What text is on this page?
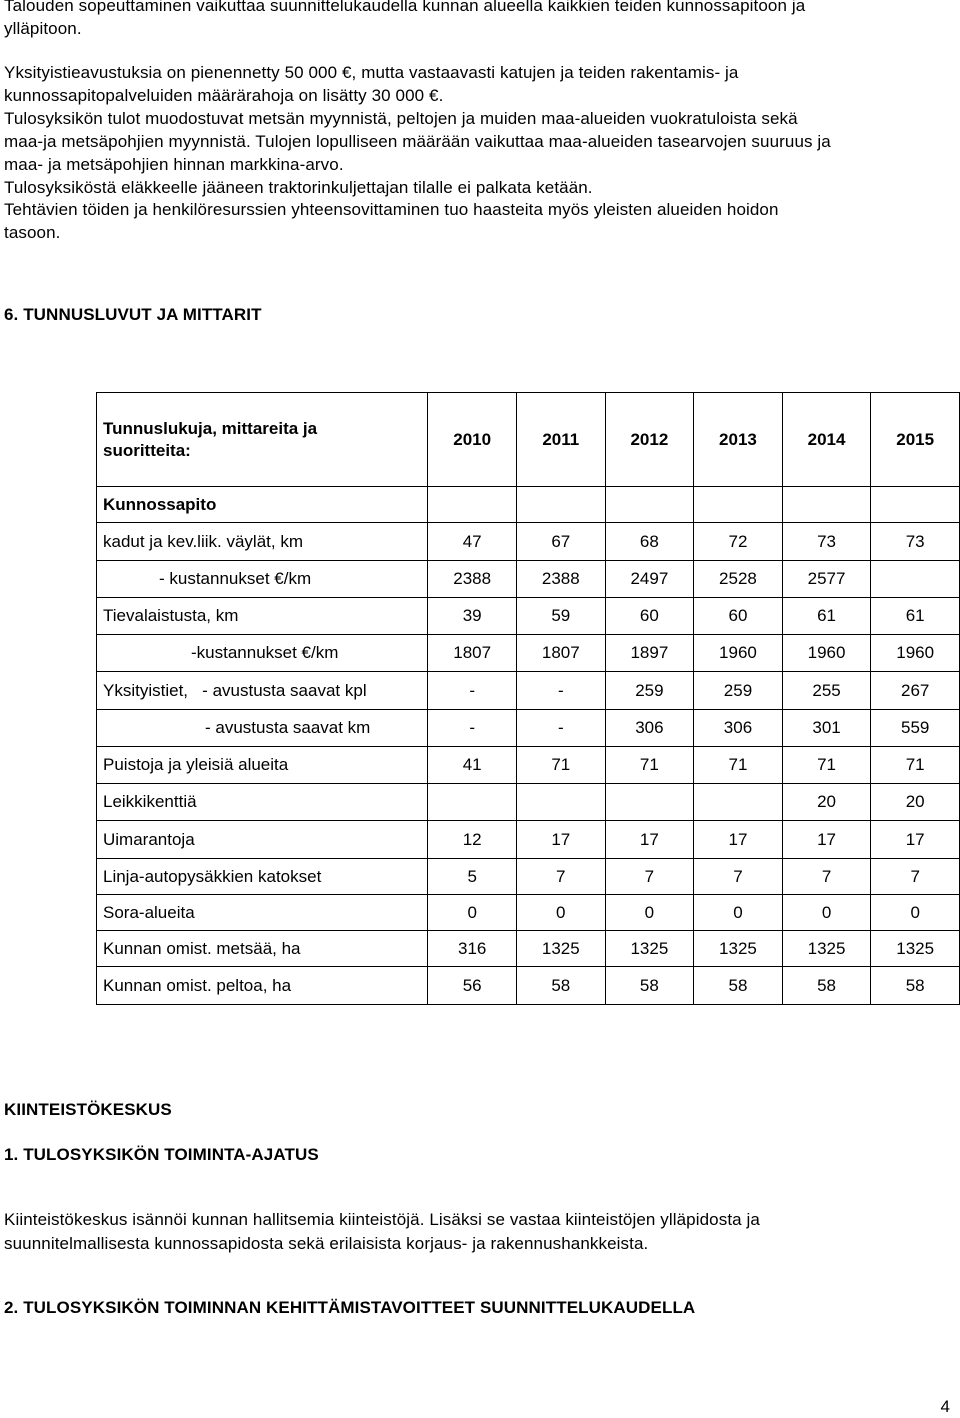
Talouden sopeuttaminen vaikuttaa suunnittelukaudella kunnan alueella kaikkien teiden kunnossapitoon ja
ylläpitoon.
Yksityistieavustuksia on pienennetty 50 000 €, mutta vastaavasti katujen ja teiden rakentamis- ja
kunnossapitopalveluiden määrärahoja on lisätty 30 000 €.
Tulosyksikön tulot muodostuvat metsän myynnistä, peltojen ja muiden maa-alueiden vuokratuloista sekä
maa-ja metsäpohjien myynnistä. Tulojen lopulliseen määrään vaikuttaa maa-alueiden tasearvojen suuruus ja
maa- ja metsäpohjien hinnan markkina-arvo.
Tulosyksiköstä eläkkeelle jääneen traktorinkuljettajan tilalle ei palkata ketään.
Tehtävien töiden ja henkilöresurssien yhteensovittaminen tuo haasteita myös yleisten alueiden hoidon
tasoon.
6. TUNNUSLUVUT JA MITTARIT
Tunnuslukuja, mittareita ja
suoritteita:	2010	2011	2012	2013	2014	2015
Kunnossapito						
kadut ja kev.liik. väylät, km	47	67	68	72	73	73
- kustannukset €/km	2388	2388	2497	2528	2577	
Tievalaistusta, km	39	59	60	60	61	61
-kustannukset €/km	1807	1807	1897	1960	1960	1960
Yksityistiet,   - avustusta saavat kpl	-	-	259	259	255	267
- avustusta saavat km	-	-	306	306	301	559
Puistoja ja yleisiä alueita	41	71	71	71	71	71
Leikkikenttiä					20	20
Uimarantoja	12	17	17	17	17	17
Linja-autopysäkkien katokset	5	7	7	7	7	7
Sora-alueita	0	0	0	0	0	0
Kunnan omist. metsää, ha	316	1325	1325	1325	1325	1325
Kunnan omist. peltoa, ha	56	58	58	58	58	58
KIINTEISTÖKESKUS
1. TULOSYKSIKÖN TOIMINTA-AJATUS
Kiinteistökeskus isännöi kunnan hallitsemia kiinteistöjä. Lisäksi se vastaa kiinteistöjen ylläpidosta ja
suunnitelmallisesta kunnossapidosta sekä erilaisista korjaus- ja rakennushankkeista.
2. TULOSYKSIKÖN TOIMINNAN KEHITTÄMISTAVOITTEET SUUNNITTELUKAUDELLA
4
